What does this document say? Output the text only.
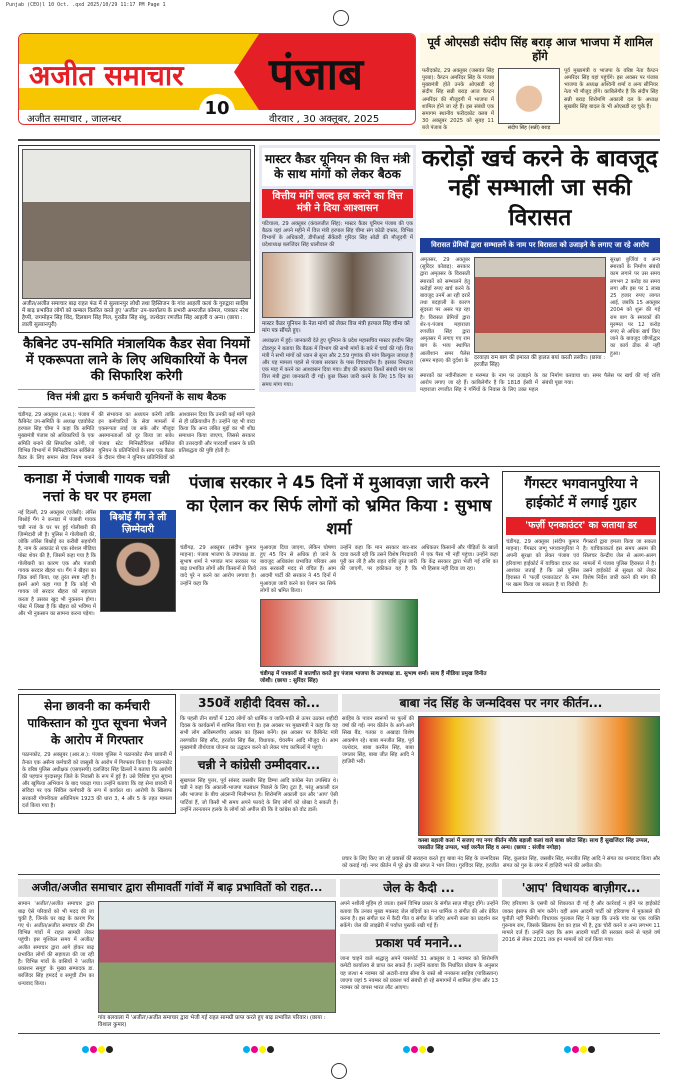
Punjab (CEO)l 10 Oct. .qxd 2025/10/29 11:17 PM Page 1
अजीत समाचार पंजाब
10
अजीत समाचार , जालन्धर	वीरवार , 30 अक्तूबर, 2025
पूर्व ओएसडी संदीप सिंह बराड़ आज भाजपा में शामिल होंगे
फरीदकोट, 29 अक्तूबर (जसवंत सिंह पुरबा): कैप्टन अमरिंदर सिंह के पंजाब मुख्यमंत्री होते उनके ओएसडी रहे संदीप सिंह सन्नी बराड़ आज कैप्टन अमरिंदर की मौजूदगी में भाजपा में शामिल होने जा रहे हैं। इस संबंधी एक समागम स्थानीय फरीदकोट क्लब में 30 अक्तूबर 2025 को सुबह 11 बजे पंजाब के	संदीप सिंह (सन्नी) बराड़
पूर्व मुख्यमंत्री व भाजपा के वरिष्ठ नेता कैप्टन अमरिंदर सिंह यहां पहुंचेंगे। इस अवसर पर पंजाब भाजपा के अध्यक्ष अश्विनी शर्मा व अन्य सीनियर नेता भी मौजूद होंगे। काबिलेगौर है कि संदीप सिंह सन्नी बराड़ शिरोमणि अकाली दल के अध्यक्ष सुखबीर सिंह बादल के भी ओएसडी रह चुके हैं।
अजीत/अजीत समाचार बाढ़ राहत फंड में से सुल्तानपुर लोधी तथा हिस्तिजन के गांव आहली कलां के गुरुद्वारा साहिब में बाढ़ प्रभावित लोगों को कम्बल वितरित करते हुए 'अजीत' उप-कार्यालय के प्रभारी अमरजीत कोमल, पत्रकार नरेश हैप्पी, जगमोहन सिंह थिंद, दिलबाग सिंह गिल, गुरप्रीत सिंह संधु, जत्थेदार रणजीत सिंह आहली व अन्य। (छाया : लाली सुल्तानपुरी)
कैबिनेट उप-समिति मंत्रालयिक कैडर सेवा नियमों में एकरूपता लाने के लिए अधिकारियों के पैनल की सिफारिश करेगी
वित्त मंत्री द्वारा 5 कर्मचारी यूनियनों के साथ बैठक
चंडीगढ़, 29 अक्तूबर (अ.स.): पंजाब में कैबिनेट उप-समिति के अध्यक्ष एडवोकेट हरपाल सिंह चीमा ने कहा कि समिति मुख्यमंत्री पंजाब को अधिकारियों के एक समिति बनाने की सिफारिश करेगी, जो विभिन्न विभागों में मिनिस्टीरियल सर्विसेज कैडर के लिए समान सेवा नियम बनाने की संभावना का अध्ययन करेगी ताकि इन कर्मचारियों के सेवा मामलों में एकरूपता लाई जा सके और मौजूदा असमानताओं को दूर किया जा सके। पंजाब स्टेट मिनिस्टीरियल सर्विसेज यूनियन के प्रतिनिधियों के साथ एक बैठक के दौरान चीमा ने यूनियन प्रतिनिधियों को आश्वासन दिया कि उनकी कई मांगें पहले से ही प्रक्रियाधीन हैं। उन्होंने यह भी वादा किया कि अन्य लंबित मुद्दों का भी शीघ्र समाधान किया जाएगा, जिससे सरकार की उत्तरदायी और पारदर्शी शासन के प्रति प्रतिबद्धता की पुष्टि होती है।
मास्टर कैडर यूनियन की वित्त मंत्री के साथ मांगों को लेकर बैठक
वित्तीय मांगें जल्द हल करने का वित्त मंत्री ने दिया आश्वासन
पटियाला, 29 अक्तूबर (कंवलजीत सिंह): मास्टर कैडर यूनियन पंजाब की एक बैठक यहां अपने महीने में वित्त मंत्री हरपाल सिंह चीमा संग कोठी दफ्तर, विभिन्न विभागों के अधिकारी, डीपीआई सैकेंडरी गुरिंदर सिंह सोढी की मौजूदगी में प्रदेशाध्यक्ष बलजिंदर सिंह धालीवाल की
मास्टर कैडर यूनियन के नेता मांगों को लेकर वित्त मंत्री हरपाल सिंह चीमा को मांग पत्र सौंपते हुए।
अध्यक्षता में हुई। जानकारी देते हुए यूनियन के प्रदेश महासचिव मास्टर हरदीप सिंह टोडरपुर ने बताया कि बैठक में विभाग की सभी मांगों के बारे में चर्चा की गई। वित्त मंत्री ने सभी मांगों को ध्यान से सुना और 2.59 गुणांक की मांग बिल्कुल जायज़ है और यह मामला पहले से पंजाब सरकार के पास विचाराधीन है। इसका निपटारा एक माह में करने का आश्वासन दिया गया। डीए की बकाया किश्तें संबंधी मांग पर वित्त मंत्री द्वारा जानकारी दी गई। कुछ किस्त जारी करने के लिए 15 दिन का समय मांगा गया।
करोड़ों खर्च करने के बावजूद नहीं सम्भाली जा सकी विरासत
विरासत प्रेमियों द्वारा सम्भालने के नाम पर विरासत को उजाड़ने के लगाए जा रहे आरोप
अमृतसर, 29 अक्तूबर (सुरिंदर कोछड़): सरकार द्वारा अमृतसर के विरासती स्मारकों को सम्भालने हेतु करोड़ों रुपए खर्च करने के बावजूद उनमें आ रही दरारें तथा बदहाली के कारण सुंदरता पर असर पड़ रहा है। विरासत प्रेमियों द्वारा शेर-ए-पंजाब महाराजा रणजीत सिंह द्वारा अमृतसर में लगाए गए राम बाग के भव्य स्थापित आलीशान समर पैलेस (समर महल) की दुर्दशा के दरवाज़ा राम बाग की इमारत की हालत बयां करती तस्वीर। (छाया : हरजीत सिंह)
सुरक्षा बुर्जियां व अन्य स्मारकों के निर्माण संबंधी काम लगाने पर उस समय लगभग 2 करोड़ का समय लगा और इस पर 1 लाख 25 हजार रुपए लागत आई, जबकि 15 अक्तूबर 2004 को शुरू की गई राम बाग के स्मारकों की मुरम्मत पर 12 करोड़ रुपए से अधिक खर्च किए जाने के बावजूद जीर्णोद्धार का कार्य ठीक से नहीं हुआ।
स्मारकों का नवीनीकरण व मरम्मत के नाम पर उजाड़ने के आरोप लगाए जा रहे हैं। काबिलेगौर है कि 1818 ईस्वी में महाराजा रणजीत सिंह ने गर्मियों के निवास के लिए उक्त महल का निर्माण करवाया था। समर पैलेस पर खर्च की गई राशि संबंधी पूछा गया।
कनाडा में पंजाबी गायक चन्नी नत्तां के घर पर हमला
नई दिल्ली, 29 अक्तूबर (एजेंसी): लॉरेंस बिश्नोई गैंग ने कनाडा में पंजाबी गायक चन्नी नत्तां के घर पर हुई गोलीबारी की ज़िम्मेदारी ली है। पुलिस ने गोलीबारी की, जोकि लॉरेंस बिश्नोई का करीबी सहयोगी है, नाम के अकाउंट से एक सोशल मीडिया पोस्ट शेयर की है, जिसमें कहा गया है कि गोलीबारी का कारण एक और पंजाबी गायक सरदार खैहरा था। गैंग ने खैहरा का ज़िक्र क्यों किया, यह तुरंत स्पष्ट नहीं है। इसमें आगे कहा गया है कि कोई भी गायक जो सरदार खैहरा को सहायता करता है उसका खुद भी नुकसान होगा। पोस्ट में लिखा है कि खैहरा को भविष्य में और भी नुकसान का सामना करना पड़ेगा।
बिश्नोई गैंग ने ली ज़िम्मेदारी
पंजाब सरकार ने 45 दिनों में मुआवज़ा जारी करने का ऐलान कर सिर्फ लोगों को भ्रमित किया : सुभाष शर्मा
चंडीगढ़, 29 अक्तूबर (संदीप कुमार माहना): पंजाब भाजपा के उपाध्यक्ष डा. सुभाष शर्मा ने भगवंत मान सरकार पर बाढ़ प्रभावित लोगों और किसानों से किये वादे पूरे न करने का आरोप लगाया है। उन्होंने कहा कि
मुआवज़ा दिया जाएगा, लेकिन घोषणा हुए 45 दिन से अधिक हो जाने के बावजूद अधिकांश प्रभावित परिवार अब तक सरकारी मदद से वंचित हैं। आम आदमी पार्टी की सरकार ने 45 दिनों में मुआवज़ा जारी करने का ऐलान कर सिर्फ लोगों को भ्रमित किया।
उन्होंने कहा कि मान सरकार बार-बार दावा करती रही कि उसने विशेष गिरदावरी पूरी कर ली है और राहत राशि तुरंत जारी की जाएगी, पर हकीकत यह है कि अधिकतर किसानों और पीड़ितों के खातों में एक पैसा भी नहीं पहुंचा। उन्होंने कहा कि केंद्र सरकार द्वारा भेजी गई राशि का भी हिसाब नहीं दिया जा रहा।
चंडीगढ़ में पत्रकारों से बातचीत करते हुए पंजाब भाजपा के उपाध्यक्ष डा. सुभाष शर्मा। साथ हैं मीडिया प्रमुख विनीत जोशी। (छाया : सुरिंदर सिंह)
गैंगस्टर भगवानपुरिया ने हाईकोर्ट में लगाई गुहार
'फर्ज़ी एनकाउंटर' का जताया डर
चंडीगढ़, 29 अक्तूबर (संदीप कुमार माहना): गैंगस्टर जग्गू भगवानपुरिया ने अपनी सुरक्षा को लेकर पंजाब एवं हरियाणा हाईकोर्ट में याचिका दायर कर आशंका जताई है कि उसे पुलिस हिरासत में 'फर्ज़ी एनकाउंटर' के नाम पर खत्म किया जा सकता है या विरोधी गैंगस्टरों द्वारा हमला किया जा सकता है। याचिकाकर्ता इस समय असम की सिलचर केन्द्रीय जेल से अलग-अलग मामलों में पंजाब पुलिस हिरासत में है। उसने हाईकोर्ट से सुरक्षा को लेकर विशेष निर्देश जारी करने की मांग की है।
सेना छावनी का कर्मचारी पाकिस्तान को गुप्त सूचना भेजने के आरोप में गिरफ्तार
पठानकोट, 29 अक्तूबर (आर.स.): पंजाब पुलिस ने पठानकोट सैन्य छावनी में तैनात एक असैन्य कर्मचारी को जासूसी के आरोप में गिरफ्तार किया है। पठानकोट के वरिष्ठ पुलिस अधीक्षक (एसएसपी) दलजिंदर सिंह ढिल्लों ने बताया कि आरोपी की पहचान गुरदासपुर जिले के निवासी के रूप में हुई है। उसे विशिष्ट गुप्त सूचना और खुफिया अभियान के बाद पकड़ा गया। उन्होंने बताया कि वह सेना छावनी में संविदा पर एक सिविल कर्मचारी के रूप में कार्यरत था। आरोपी के खिलाफ सरकारी गोपनीयता अधिनियम 1923 की धारा 3, 4 और 5 के तहत मामला दर्ज किया गया है।
350वें शहीदी दिवस को...
कि पहली तीन बार्चों में 120 लोगों को धार्मिक व जाति-पाति से ऊपर उठकर शहीदी दिवस के कार्यक्रमों में शामिल किया गया है। इस अवसर पर मुख्यमंत्री ने कहा कि यह सभी लोग अविस्मरणीय अवसर का हिस्सा बनेंगे। इस अवसर पर कैबिनेट मंत्री तरुणप्रीत सिंह सौंद, हरजोत सिंह बैंस, विधायक, चेयरमैन आदि मौजूद थे। आम मुख्यमंत्री तीर्थयात्रा योजना का उद्घाटन करने को लेकर पांच काफिलों में पहुंचे।
चन्नी ने कांग्रेसी उम्मीदवार...
सुखपाल सिंह पुत्तर, पूर्व सांसद जसबीर सिंह डिम्पा आदि कांग्रेस नेता उपस्थित थे। चन्नी ने कहा कि अकाली-भाजपा गठबंधन पिछले के लिए टूटा है, परंतु अकाली दल और भाजपा के बीच अंदरूनी मिलीभगत है। शिरोमणि अकाली दल और 'आप' ऐसी पार्टियां हैं, जो किसी भी समय अपने फायदे के लिए लोगों को धोखा दे सकती हैं। उन्होंने तरनतारन हलके के लोगों को अपील की कि वे कांग्रेस को वोट डालें।
बाबा नंद सिंह के जन्मदिवस पर नगर कीर्तन...
साहिब के पावन स्वरूपों पर फूलों की वर्षा की गई। नगर कीर्तन के आगे-आगे सिख बैंड, गतका व अखाड़ा विशेष आकर्षण रहे। बाबा मनजीत सिंह, पूर्व जत्थेदार, बाबा करनैल सिंह, बाबा जगतार सिंह, बाबा जीत सिंह आदि ने हाजिरी भरी।
कस्बा बड़ाली कलां में सजाए गए नगर कीर्तन मौके बड़ाली कलां वाले बाबा छोटा सिंह। साथ हैं सुखजिंदर सिंह उप्पल, जसप्रीत सिंह उप्पल, भाई जरनैल सिंह व अन्य। (छाया : संजीव नगोड़ा)
प्रचार के लिए किए जा रहे प्रयासों की सराहना करते हुए बाबा नंद सिंह के जन्मदिवस को कराई गई। नगर कीर्तन में पूरे क्षेत्र की संगत ने भाग लिया। गुरविंदर सिंह, हरजीत सिंह, कुलवंत सिंह, जसबीर सिंह, मनजीत सिंह आदि ने संगत का धन्यवाद किया और संगत को गुरु के लंगर में हाज़िरी भरने की अपील की।
अजीत/अजीत समाचार द्वारा सीमावर्ती गांवों में बाढ़ प्रभावितों को राहत...
सामान 'अजीत'/अजीत समाचार द्वारा बाढ़ ऐसे परिवारों को भी मदद की जा चुकी है, जिनके घर बाढ़ के कारण गिर गए थे। अजीत/अजीत समाचार की टीम विभिन्न गांवों में राहत सामग्री लेकर पहुंची। इस मुश्किल समय में अजीत/अजीत समाचार द्वारा आगे होकर बाढ़ प्रभावित लोगों की सहायता की जा रही है। विभिन्न गांवों के वासियों ने 'अजीत प्रकाशन समूह' के मुख्य सम्पादक डा. बरजिंदर सिंह हमदर्द व समूची टीम का धन्यवाद किया।
गांव बलवाला में 'अजीत'/अजीत समाचार द्वारा भेजी गई राहत सामग्री प्राप्त करते हुए बाढ़ प्रभावित परिवार। (छाया : विशाल कुमार)
जेल के कैदी ...
अपने नशीली मुहिम हो जाता। इसमें विभिन्न प्रकार के संगीत साज़ मौजूद होंगे। उन्होंने बताया कि उनका मुख्य मकसद जेल बंदियों का मन धार्मिक व संगीत की ओर प्रेरित करना है। इस संगीत घर में कैदी गीत व संगीत के ज़रिए अपनी कला का प्रदर्शन कर सकेंगे। जेल की लाइब्रेरी में पर्याप्त पुस्तकें रखी गई हैं।
प्रकाश पर्व मनाने...
जाना चाहने वाले श्रद्धालु अपने पासपोर्ट 31 अक्तूबर व 1 नवम्बर को शिरोमणि कमेटी कार्यालय से प्राप्त कर सकते हैं। उन्होंने बताया कि निर्धारित प्रोग्राम के अनुसार यह जत्था 4 नवम्बर को अटारी-वाघा सीमा के रास्ते श्री ननकाना साहिब (पाकिस्तान) जाएगा जहां 5 नवम्बर को प्रकाश पर्व संबंधी हो रहे समागमों में शामिल होगा और 13 नवम्बर को वापस भारत लौट आएगा।
'आप' विधायक बाज़ीगर...
लिए हरियाणा के एसपी को शिकायत दी गई है और कार्रवाई न होने पर हाईकोर्ट जाकर इंसाफ की मांग करेंगे। वहीं आम आदमी पार्टी को हरियाणा में मुकाबले की चुनौती नहीं मिलेगी। विधायक गुरलाल सिंह ने कहा कि उनके गांव का एक व्यक्ति गुरुनाम राम, जिसके खिलाफ देश का हाल भी है, ट्रक चोरी करने व अन्य लगभग 11 मामले दर्ज हैं। उन्होंने कहा कि आम आदमी पार्टी की सरकार बनने से पहले वर्ष 2016 से लेकर 2021 तक इन मामलों को दर्ज किया गया।
